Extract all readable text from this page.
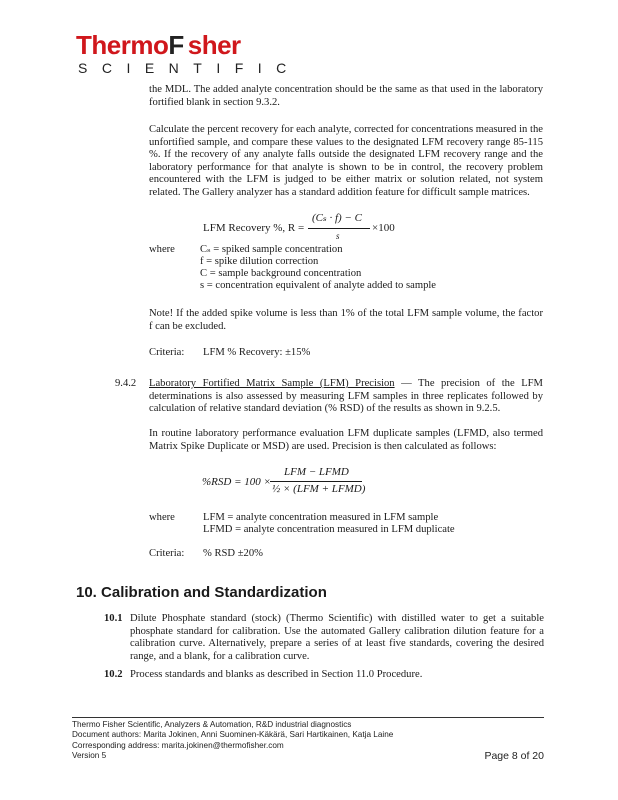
ThermoF sher
SCIENTIFIC
the MDL. The added analyte concentration should be the same as that used in the laboratory fortified blank in section 9.3.2.
Calculate the percent recovery for each analyte, corrected for concentrations measured in the unfortified sample, and compare these values to the designated LFM recovery range 85-115 %. If the recovery of any analyte falls outside the designated LFM recovery range and the laboratory performance for that analyte is shown to be in control, the recovery problem encountered with the LFM is judged to be either matrix or solution related, not system related. The Gallery analyzer has a standard addition feature for difficult sample matrices.
LFM Recovery %, R =
(Cₛ · f) − C
s
×100
where Cₛ = spiked sample concentration
f = spike dilution correction
C = sample background concentration
s = concentration equivalent of analyte added to sample
Note! If the added spike volume is less than 1% of the total LFM sample volume, the factor f can be excluded.
Criteria: LFM % Recovery: ±15%
9.4.2 Laboratory Fortified Matrix Sample (LFM) Precision — The precision of the LFM determinations is also assessed by measuring LFM samples in three replicates followed by calculation of relative standard deviation (% RSD) of the results as shown in 9.2.5.
In routine laboratory performance evaluation LFM duplicate samples (LFMD, also termed Matrix Spike Duplicate or MSD) are used. Precision is then calculated as follows:
%RSD = 100 ×
LFM − LFMD
½ × (LFM + LFMD)
where	LFM = analyte concentration measured in LFM sample
LFMD = analyte concentration measured in LFM duplicate
Criteria: % RSD ±20%
10. Calibration and Standardization
10.1 Dilute Phosphate standard (stock) (Thermo Scientific) with distilled water to get a suitable phosphate standard for calibration. Use the automated Gallery calibration dilution feature for a calibration curve. Alternatively, prepare a series of at least five standards, covering the desired range, and a blank, for a calibration curve.
10.2 Process standards and blanks as described in Section 11.0 Procedure.
Thermo Fisher Scientific, Analyzers & Automation, R&D industrial diagnostics
Document authors: Marita Jokinen, Anni Suominen-Käkärä, Sari Hartikainen, Katja Laine
Corresponding address: marita.jokinen@thermofisher.com
Version 5	Page 8 of 20
